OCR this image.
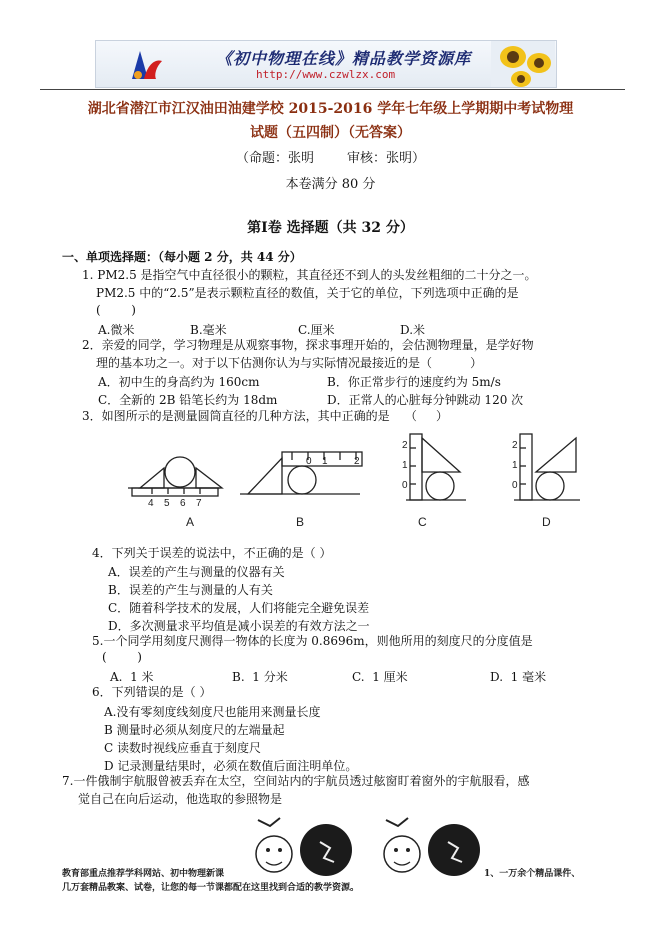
《初中物理在线》精品教学资源库
http://www.czwlzx.com
湖北省潜江市江汉油田油建学校 2015-2016 学年七年级上学期期中考试物理
试题（五四制）（无答案）
（命题：张明        审核：张明）
本卷满分 80 分
第Ⅰ卷 选择题（共 32 分）
一、单项选择题：（每小题 2 分，共 44 分）
1. PM2.5 是指空气中直径很小的颗粒，其直径还不到人的头发丝粗细的二十分之一。
PM2.5 中的“2.5”是表示颗粒直径的数值，关于它的单位，下列选项中正确的是
(        )
A.微米	B.毫米	C.厘米	D.米
2．亲爱的同学，学习物理是从观察事物，探求事理开始的，会估测物理量，是学好物
理的基本功之一。对于以下估测你认为与实际情况最接近的是（          ）
A．初中生的身高约为 160cm	B．你正常步行的速度约为 5m/s
C．全新的 2B 铅笔长约为 18dm	D．正常人的心脏每分钟跳动 120 次
3．如图所示的是测量圆筒直径的几种方法，其中正确的是    （     ）
4 5 6 7
0 1	2
2
1
0
2
1
0
A	B	C	D
4．下列关于误差的说法中，不正确的是（ ）
A．误差的产生与测量的仪器有关
B．误差的产生与测量的人有关
C．随着科学技术的发展，人们将能完全避免误差
D．多次测量求平均值是减小误差的有效方法之一
5.一个同学用刻度尺测得一物体的长度为 0.8696m，则他所用的刻度尺的分度值是
(        )
A.  1 米	B.  1 分米	C.  1 厘米	D.  1 毫米
6．下列错误的是（ ）
A.没有零刻度线刻度尺也能用来测量长度
B 测量时必须从刻度尺的左端量起
C 读数时视线应垂直于刻度尺
D 记录测量结果时，必须在数值后面注明单位。
7.一件俄制宇航服曾被丢弃在太空，空间站内的宇航员透过舷窗盯着窗外的宇航服看，感
觉自己在向后运动，他选取的参照物是
教育部重点推荐学科网站、初中物理新课	1、一万余个精品课件、
几万套精品教案、试卷，让您的每一节课都配在这里找到合适的教学资源。
